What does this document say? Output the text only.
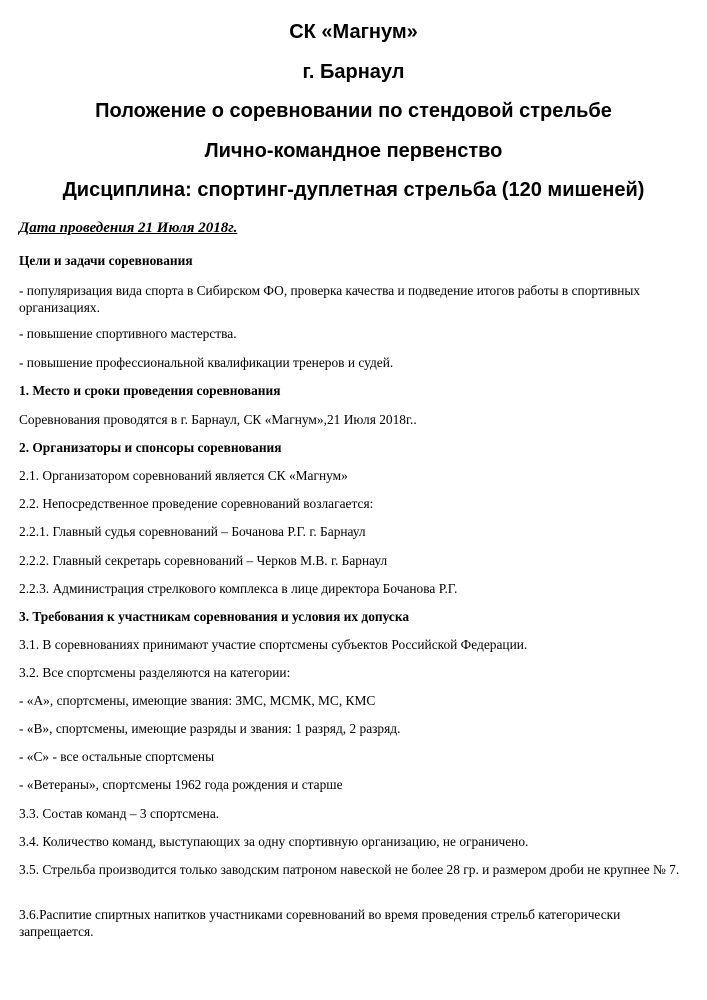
СК «Магнум»
г. Барнаул
Положение о соревновании по стендовой стрельбе
Лично-командное первенство
Дисциплина: спортинг-дуплетная стрельба (120 мишеней)
Дата проведения 21 Июля 2018г.
Цели и задачи соревнования
- популяризация вида спорта в Сибирском ФО, проверка качества и подведение итогов работы в спортивных организациях.
- повышение спортивного мастерства.
- повышение профессиональной квалификации тренеров и судей.
1. Место и сроки проведения соревнования
Соревнования проводятся в г. Барнаул, СК «Магнум»,21 Июля 2018г..
2. Организаторы и спонсоры соревнования
2.1. Организатором соревнований является СК «Магнум»
2.2. Непосредственное проведение соревнований возлагается:
2.2.1. Главный судья соревнований – Бочанова Р.Г. г. Барнаул
2.2.2. Главный секретарь соревнований – Черков М.В. г. Барнаул
2.2.3. Администрация стрелкового комплекса в лице директора Бочанова Р.Г.
3. Требования к участникам соревнования и условия их допуска
3.1. В соревнованиях принимают участие спортсмены субъектов Российской Федерации.
3.2. Все спортсмены разделяются на категории:
- «А», спортсмены, имеющие звания: ЗМС, МСМК, МС, КМС
- «В», спортсмены, имеющие разряды и звания: 1 разряд, 2 разряд.
- «С» - все остальные спортсмены
- «Ветераны», спортсмены 1962 года рождения и старше
3.3. Состав команд – 3 спортсмена.
3.4. Количество команд, выступающих за одну спортивную организацию, не ограничено.
3.5. Стрельба производится только заводским патроном навеской не более 28 гр. и размером дроби не крупнее № 7.
3.6.Распитие спиртных напитков участниками соревнований во время проведения стрельб категорически запрещается.
